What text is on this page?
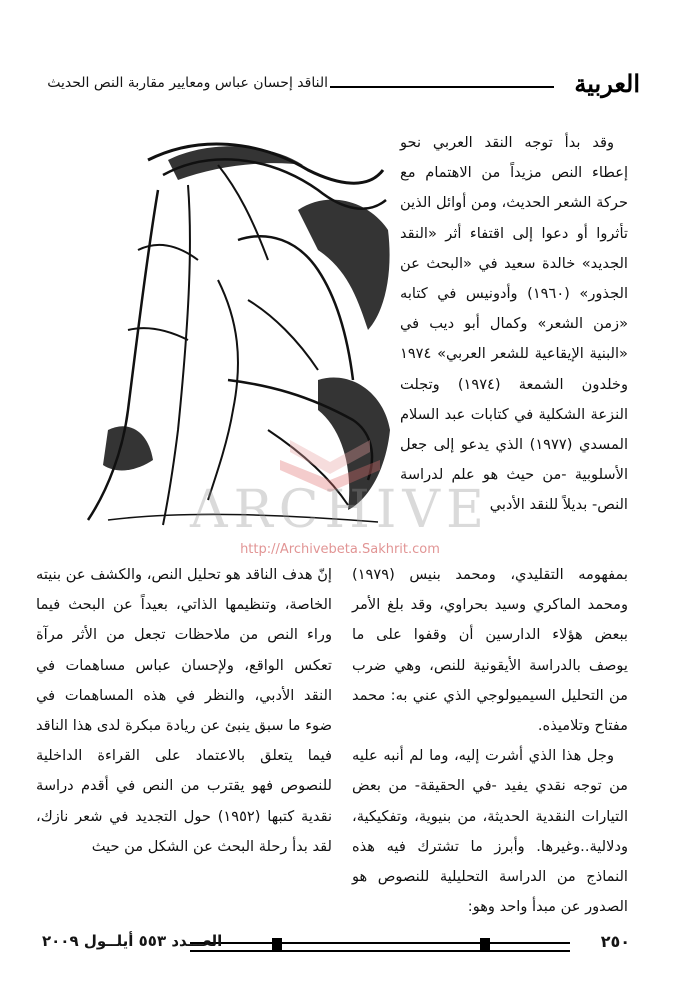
العربية
الناقد إحسان عباس ومعايير مقاربة النص الحديث

وقد بدأ توجه النقد العربي نحو إعطاء النص مزيداً من الاهتمام مع حركة الشعر الحديث، ومن أوائل الذين تأثروا أو دعوا إلى اقتفاء أثر «النقد الجديد» خالدة سعيد في «البحث عن الجذور» (١٩٦٠) وأدونيس في كتابه «زمن الشعر» وكمال أبو ديب في «البنية الإيقاعية للشعر العربي» ١٩٧٤ وخلدون الشمعة (١٩٧٤) وتجلت النزعة الشكلية في كتابات عبد السلام المسدي (١٩٧٧) الذي يدعو إلى جعل الأسلوبية -من حيث هو علم لدراسة النص- بديلاً للنقد الأدبي

بمفهومه التقليدي، ومحمد بنيس (١٩٧٩) ومحمد الماكري وسيد بحراوي، وقد بلغ الأمر ببعض هؤلاء الدارسين أن وقفوا على ما يوصف بالدراسة الأيقونية للنص، وهي ضرب من التحليل السيميولوجي الذي عني به: محمد مفتاح وتلاميذه.

وجل هذا الذي أشرت إليه، وما لم أنبه عليه من توجه نقدي يفيد -في الحقيقة- من بعض التيارات النقدية الحديثة، من بنيوية، وتفكيكية، ودلالية..وغيرها. وأبرز ما تشترك فيه هذه النماذج من الدراسة التحليلية للنصوص هو الصدور عن مبدأ واحد وهو:

إنّ هدف الناقد هو تحليل النص، والكشف عن بنيته الخاصة، وتنظيمها الذاتي، بعيداً عن البحث فيما وراء النص من ملاحظات تجعل من الأثر مرآة تعكس الواقع، ولإحسان عباس مساهمات في النقد الأدبي، والنظر في هذه المساهمات في ضوء ما سبق ينبئ عن ريادة مبكرة لدى هذا الناقد فيما يتعلق بالاعتماد على القراءة الداخلية للنصوص فهو يقترب من النص في أقدم دراسة نقدية كتبها (١٩٥٢) حول التجديد في شعر نازك، لقد بدأ رحلة البحث عن الشكل من حيث

ARCHIVE
http://Archivebeta.Sakhrit.com
٢٥٠
العـــدد ٥٥٣ أيلــول ٢٠٠٩
